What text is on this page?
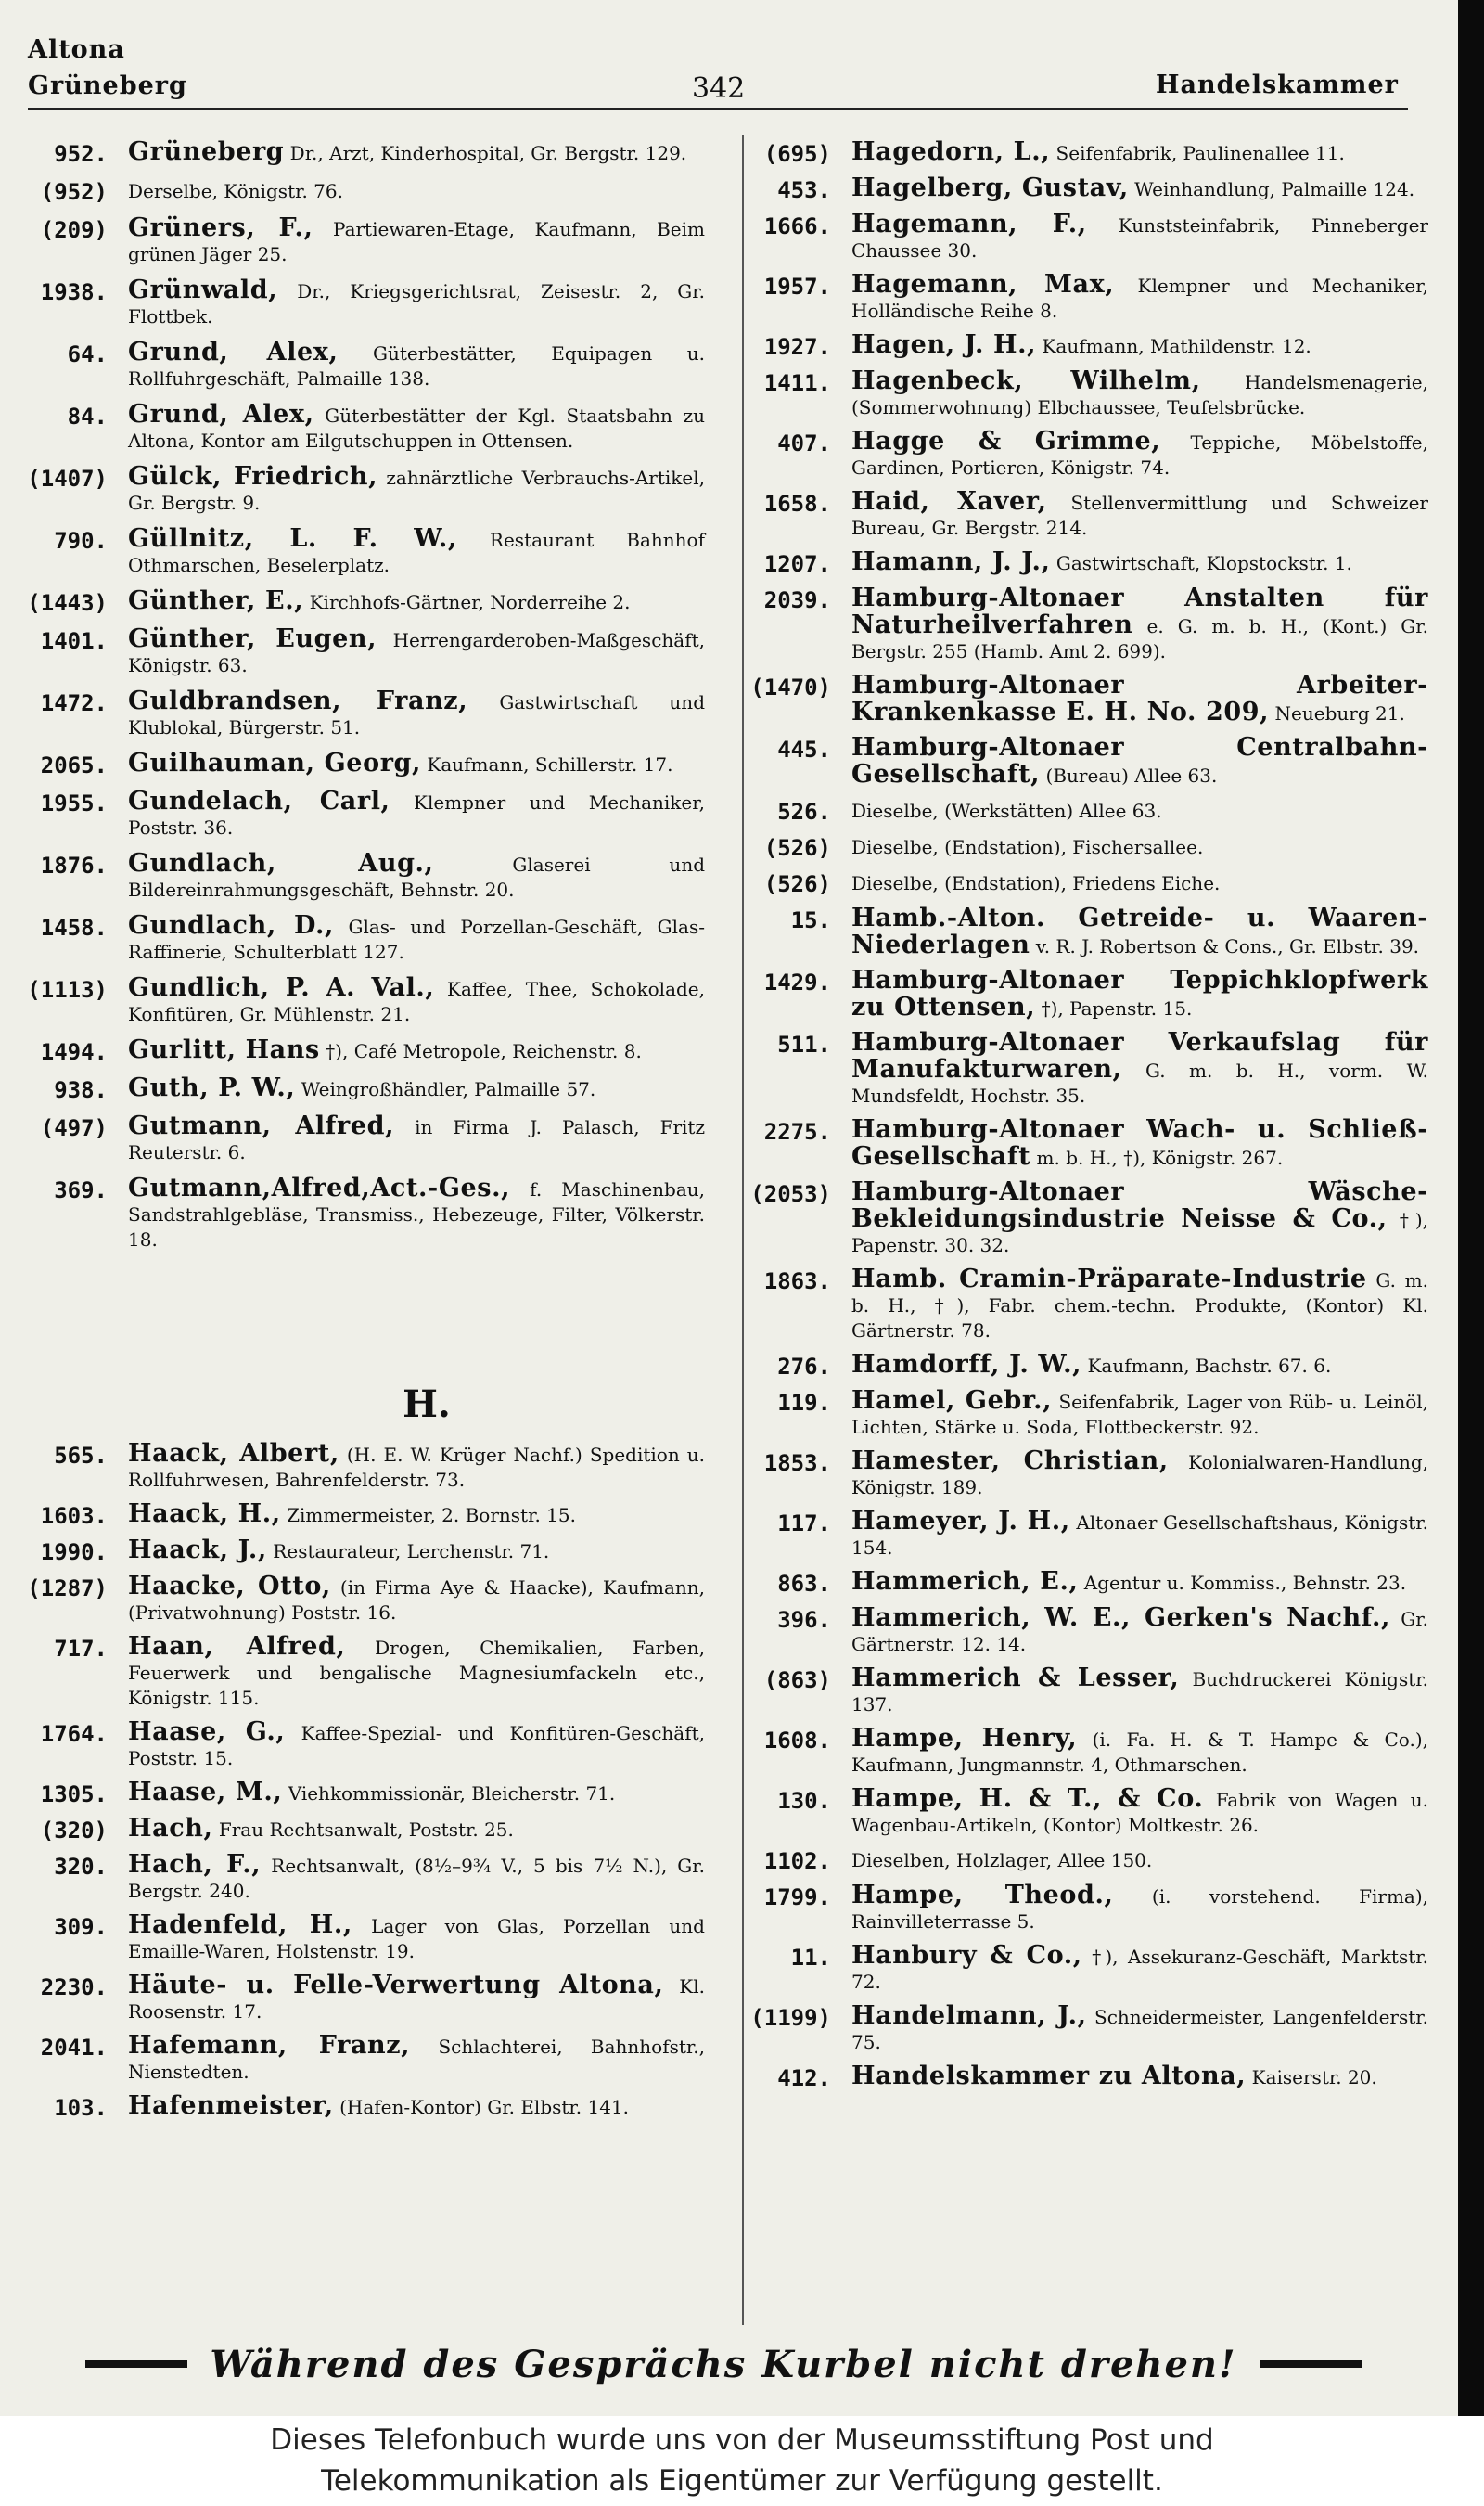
Altona
Grüneberg	342	Handelskammer
952. Grüneberg Dr., Arzt, Kinderhospital, Gr. Bergstr. 129.
(952)	Derselbe, Königstr. 76.
(209) Grüners, F., Partiewaren-Etage, Kaufmann, Beim grünen Jäger 25.
1938. Grünwald, Dr., Kriegsgerichtsrat, Zeisestr. 2, Gr. Flottbek.
64. Grund, Alex, Güterbestätter, Equipagen u. Rollfuhrgeschäft, Palmaille 138.
84. Grund, Alex, Güterbestätter der Kgl. Staatsbahn zu Altona, Kontor am Eilgutschuppen in Ottensen.
(1407) Gülck, Friedrich, zahnärztliche Verbrauchs-Artikel, Gr. Bergstr. 9.
790. Güllnitz, L. F. W., Restaurant Bahnhof Othmarschen, Beselerplatz.
(1443) Günther, E., Kirchhofs-Gärtner, Norderreihe 2.
1401. Günther, Eugen, Herrengarderoben-Maßgeschäft, Königstr. 63.
1472. Guldbrandsen, Franz, Gastwirtschaft und Klublokal, Bürgerstr. 51.
2065. Guilhauman, Georg, Kaufmann, Schillerstr. 17.
1955. Gundelach, Carl, Klempner und Mechaniker, Poststr. 36.
1876. Gundlach, Aug., Glaserei und Bildereinrahmungsgeschäft, Behnstr. 20.
1458. Gundlach, D., Glas- und Porzellan-Geschäft, Glas-Raffinerie, Schulterblatt 127.
(1113) Gundlich, P. A. Val., Kaffee, Thee, Schokolade, Konfitüren, Gr. Mühlenstr. 21.
1494. Gurlitt, Hans †), Café Metropole, Reichenstr. 8.
938. Guth, P. W., Weingroßhändler, Palmaille 57.
(497) Gutmann, Alfred, in Firma J. Palasch, Fritz Reuterstr. 6.
369. Gutmann,Alfred,Act.-Ges., f. Maschinenbau, Sandstrahlgebläse, Transmiss., Hebezeuge, Filter, Völkerstr. 18.
H.
565. Haack, Albert, (H. E. W. Krüger Nachf.) Spedition u. Rollfuhrwesen, Bahrenfelderstr. 73.
1603. Haack, H., Zimmermeister, 2. Bornstr. 15.
1990. Haack, J., Restaurateur, Lerchenstr. 71.
(1287) Haacke, Otto, (in Firma Aye & Haacke), Kaufmann, (Privatwohnung) Poststr. 16.
717. Haan, Alfred, Drogen, Chemikalien, Farben, Feuerwerk und bengalische Magnesiumfackeln etc., Königstr. 115.
1764. Haase, G., Kaffee-Spezial- und Konfitüren-Geschäft, Poststr. 15.
1305. Haase, M., Viehkommissionär, Bleicherstr. 71.
(320) Hach, Frau Rechtsanwalt, Poststr. 25.
320. Hach, F., Rechtsanwalt, (8½–9¾ V., 5 bis 7½ N.), Gr. Bergstr. 240.
309. Hadenfeld, H., Lager von Glas, Porzellan und Emaille-Waren, Holstenstr. 19.
2230. Häute- u. Felle-Verwertung Altona, Kl. Roosenstr. 17.
2041. Hafemann, Franz, Schlachterei, Bahnhofstr., Nienstedten.
103. Hafenmeister, (Hafen-Kontor) Gr. Elbstr. 141.
(695) Hagedorn, L., Seifenfabrik, Paulinenallee 11.
453. Hagelberg, Gustav, Weinhandlung, Palmaille 124.
1666. Hagemann, F., Kunststeinfabrik, Pinneberger Chaussee 30.
1957. Hagemann, Max, Klempner und Mechaniker, Holländische Reihe 8.
1927. Hagen, J. H., Kaufmann, Mathildenstr. 12.
1411. Hagenbeck, Wilhelm, Handelsmenagerie, (Sommerwohnung) Elbchaussee, Teufelsbrücke.
407. Hagge & Grimme, Teppiche, Möbelstoffe, Gardinen, Portieren, Königstr. 74.
1658. Haid, Xaver, Stellenvermittlung und Schweizer Bureau, Gr. Bergstr. 214.
1207. Hamann, J. J., Gastwirtschaft, Klopstockstr. 1.
2039. Hamburg-Altonaer Anstalten für Naturheilverfahren e. G. m. b. H., (Kont.) Gr. Bergstr. 255 (Hamb. Amt 2. 699).
(1470) Hamburg-Altonaer Arbeiter-Krankenkasse E. H. No. 209, Neueburg 21.
445. Hamburg-Altonaer Centralbahn-Gesellschaft, (Bureau) Allee 63.
526.	Dieselbe, (Werkstätten) Allee 63.
(526)	Dieselbe, (Endstation), Fischersallee.
(526)	Dieselbe, (Endstation), Friedens Eiche.
15. Hamb.-Alton. Getreide- u. Waaren-Niederlagen v. R. J. Robertson & Cons., Gr. Elbstr. 39.
1429. Hamburg-Altonaer Teppichklopfwerk zu Ottensen, †), Papenstr. 15.
511. Hamburg-Altonaer Verkaufslag für Manufakturwaren, G. m. b. H., vorm. W. Mundsfeldt, Hochstr. 35.
2275. Hamburg-Altonaer Wach- u. Schließ-Gesellschaft m. b. H., †), Königstr. 267.
(2053) Hamburg-Altonaer Wäsche-Bekleidungsindustrie Neisse & Co., †), Papenstr. 30. 32.
1863. Hamb. Cramin-Präparate-Industrie G. m. b. H., †), Fabr. chem.-techn. Produkte, (Kontor) Kl. Gärtnerstr. 78.
276. Hamdorff, J. W., Kaufmann, Bachstr. 67. 6.
119. Hamel, Gebr., Seifenfabrik, Lager von Rüb- u. Leinöl, Lichten, Stärke u. Soda, Flottbeckerstr. 92.
1853. Hamester, Christian, Kolonialwaren-Handlung, Königstr. 189.
117. Hameyer, J. H., Altonaer Gesellschaftshaus, Königstr. 154.
863. Hammerich, E., Agentur u. Kommiss., Behnstr. 23.
396. Hammerich, W. E., Gerken's Nachf., Gr. Gärtnerstr. 12. 14.
(863) Hammerich & Lesser, Buchdruckerei Königstr. 137.
1608. Hampe, Henry, (i. Fa. H. & T. Hampe & Co.), Kaufmann, Jungmannstr. 4, Othmarschen.
130. Hampe, H. & T., & Co. Fabrik von Wagen u. Wagenbau-Artikeln, (Kontor) Moltkestr. 26.
1102.	Dieselben, Holzlager, Allee 150.
1799. Hampe, Theod., (i. vorstehend. Firma), Rainvilleterrasse 5.
11. Hanbury & Co., †), Assekuranz-Geschäft, Marktstr. 72.
(1199) Handelmann, J., Schneidermeister, Langenfelderstr. 75.
412. Handelskammer zu Altona, Kaiserstr. 20.
Während des Gesprächs Kurbel nicht drehen!
Dieses Telefonbuch wurde uns von der Museumsstiftung Post und
Telekommunikation als Eigentümer zur Verfügung gestellt.
